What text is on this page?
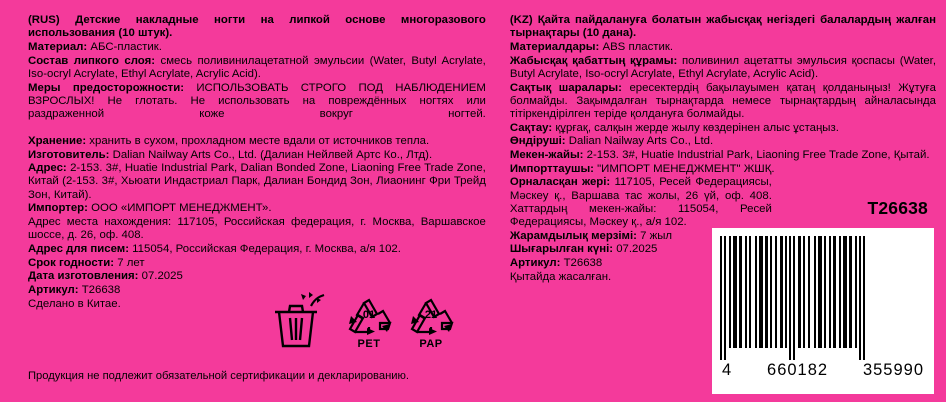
(RUS) Детские накладные ногти на липкой основе многоразового использования (10 штук).

Материал: АБС-пластик.

Состав липкого слоя: смесь поливинилацетатной эмульсии (Water, Butyl Acrylate, Iso-ocryl Acrylate, Ethyl Acrylate, Acrylic Acid).

Меры предосторожности: ИСПОЛЬЗОВАТЬ СТРОГО ПОД НАБЛЮДЕНИЕМ ВЗРОСЛЫХ! Не глотать. Не использовать на повреждённых ногтях или раздраженной коже вокруг ногтей.

Хранение: хранить в сухом, прохладном месте вдали от источников тепла.

Изготовитель: Dalian Nailway Arts Co., Ltd. (Далиан Нейлвей Артс Ко., Лтд).

Адрес: 2-153. 3#, Huatie Industrial Park, Dalian Bonded Zone, Liaoning Free Trade Zone, Китай (2-153. 3#, Хьюати Индастриал Парк, Далиан Бондид Зон, Лиаонинг Фри Трейд Зон, Китай).

Импортер: ООО «ИМПОРТ МЕНЕДЖМЕНТ».

Адрес места нахождения: 117105, Российская федерация, г. Москва, Варшавское шоссе, д. 26, оф. 408.

Адрес для писем: 115054, Российская Федерация, г. Москва, а/я 102.

Срок годности: 7 лет

Дата изготовления: 07.2025

Артикул: T26638

Сделано в Китае.

(KZ) Қайта пайдалануға болатын жабысқақ негіздегі балалардың жалған тырнақтары (10 дана).

Материалдары: ABS пластик.

Жабысқақ қабаттың құрамы: поливинил ацетатты эмульсия қоспасы (Water, Butyl Acrylate, Iso-ocryl Acrylate, Ethyl Acrylate, Acrylic Acid).

Сақтық шаралары: ересектердің бақылауымен қатаң қолданыңыз! Жұтуға болмайды. Зақымдалған тырнақтарда немесе тырнақтардың айналасында тітіркендірілген теріде қолдануға болмайды.

Сақтау: құрғақ, салқын жерде жылу көздерінен алыс ұстаңыз.

Өндіруші: Dalian Nailway Arts Co., Ltd.

Мекен-жайы: 2-153. 3#, Huatie Industrial Park, Liaoning Free Trade Zone, Қытай.

Импорттаушы: "ИМПОРТ МЕНЕДЖМЕНТ" ЖШҚ.

Орналасқан жері: 117105, Ресей Федерациясы, Мәскеу қ., Варшава тас жолы, 26 үй, оф. 408. Хаттардың мекен-жайы: 115054, Ресей Федерациясы, Мәскеу қ., а/я 102.

Жарамдылық мерзімі: 7 жыл

Шығарылған күні: 07.2025

Артикул: T26638

Қытайда жасалған.

T26638
01
PET
21
PAP
Продукция не подлежит обязательной сертификации и декларированию.	4 660182 355990
